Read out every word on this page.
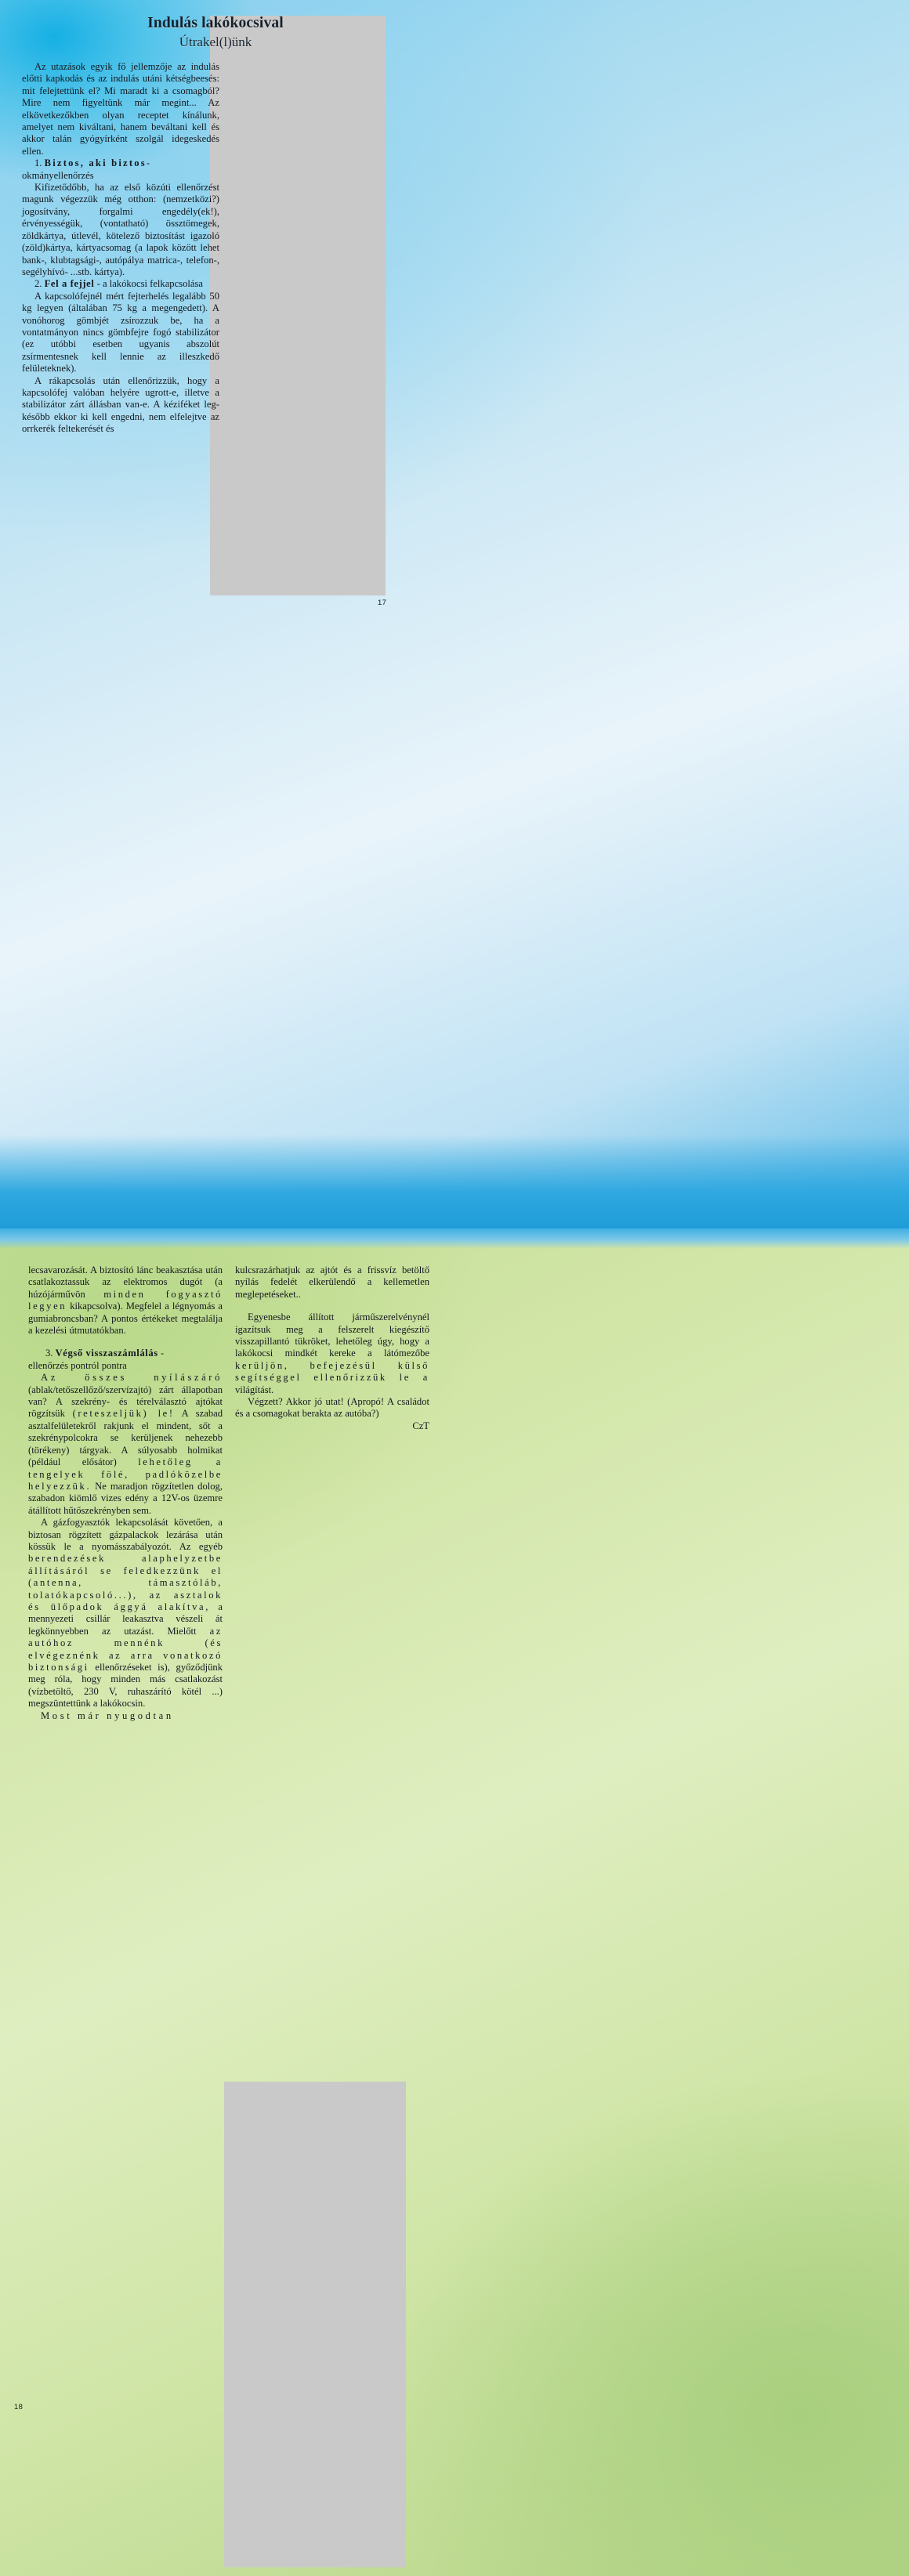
Indulás lakókocsival
Útrakel(l)ünk

Az utazások egyik fő jellemzője az indulás előtti kapkodás és az indulás utáni kétségbeesés: mit felejtettünk el? Mi maradt ki a csomagból? Mire nem figyeltünk már megint... Az elkövetkezőkben olyan receptet kínálunk, amelyet nem kiváltani, hanem beváltani kell és akkor talán gyógyírként szolgál idegeskedés ellen.

1. Biztos, aki biztos-
okmányellenőrzés

Kifizetődőbb, ha az első közúti ellenőrzést magunk végezzük még otthon: (nemzetközi?) jogosítvány, forgalmi engedély(ek!), érvényességük, (vontatható) össztömegek, zöldkártya, útlevél, kötelező biztosítást igazoló (zöld)kártya, kártyacsomag (a lapok között lehet bank-, klubtagsági-, autópálya matrica-, telefon-, segélyhívó- ...stb. kártya).

2. Fel a fejjel - a lakókocsi felkapcsolása

A kapcsolófejnél mért fejterhelés legalább 50 kg legyen (általában 75 kg a megengedett). A vonóhorog gömbjét zsírozzuk be, ha a vontatmányon nincs gömbfejre fogó stabilizátor (ez utóbbi esetben ugyanis abszolút zsírmentesnek kell lennie az illeszkedő felületeknek).

A rákapcsolás után ellenőrizzük, hogy a kapcsolófej valóban helyére ugrott-e, illetve a stabilizátor zárt állásban van-e. A kéziféket leg-később ekkor ki kell engedni, nem elfelejtve az orrkerék feltekerését és

17

lecsavarozását. A biztosító lánc beakasztása után csatlakoztassuk az elektromos dugót (a húzójárművön minden fogyasztó legyen kikapcsolva). Megfelel a légnyomás a gumiabroncsban? A pontos értékeket megtalálja a kezelési útmutatókban.

3. Végső visszaszámlálás -
ellenőrzés pontról pontra

Az összes nyílászáró (ablak/tetőszellőző/szervízajtó) zárt állapotban van? A szekrény- és térelválasztó ajtókat rögzítsük (reteszeljük) le! A szabad asztalfelületekről rakjunk el mindent, sőt a szekrénypolcokra se kerüljenek nehezebb (törékeny) tárgyak. A súlyosabb holmikat (például elősátor) lehetőleg a tengelyek fölé, padlóközelbe helyezzük. Ne maradjon rögzítetlen dolog, szabadon kiömlő vizes edény a 12V-os üzemre átállított hűtőszekrényben sem.

A gázfogyasztók lekapcsolását követően, a biztosan rögzített gázpalackok lezárása után kössük le a nyomásszabályozót. Az egyéb berendezések alaphelyzetbe állításáról se feledkezzünk el (antenna, támasztóláb, tolatókapcsoló...), az asztalok és ülőpadok ággyá alakítva, a mennyezeti csillár leakasztva vészeli át legkönnyebben az utazást. Mielőtt az autóhoz mennénk (és elvégeznénk az arra vonatkozó biztonsági ellenőrzéseket is), győződjünk meg róla, hogy minden más csatlakozást (vízbetöltő, 230 V, ruhaszárító kötél ...) megszüntettünk a lakókocsin.

Most már nyugodtan

kulcsrazárhatjuk az ajtót és a frissvíz betöltő nyílás fedelét elkerülendő a kellemetlen meglepetéseket..

Egyenesbe állított járműszerelvénynél igazítsuk meg a felszerelt kiegészítő visszapillantó tükröket, lehetőleg úgy, hogy a lakókocsi mindkét kereke a látómezőbe kerüljön, befejezésül külső segítséggel ellenőrizzük le a világítást.

Végzett? Akkor jó utat! (Apropó! A családot és a csomagokat berakta az autóba?)

CzT

18
